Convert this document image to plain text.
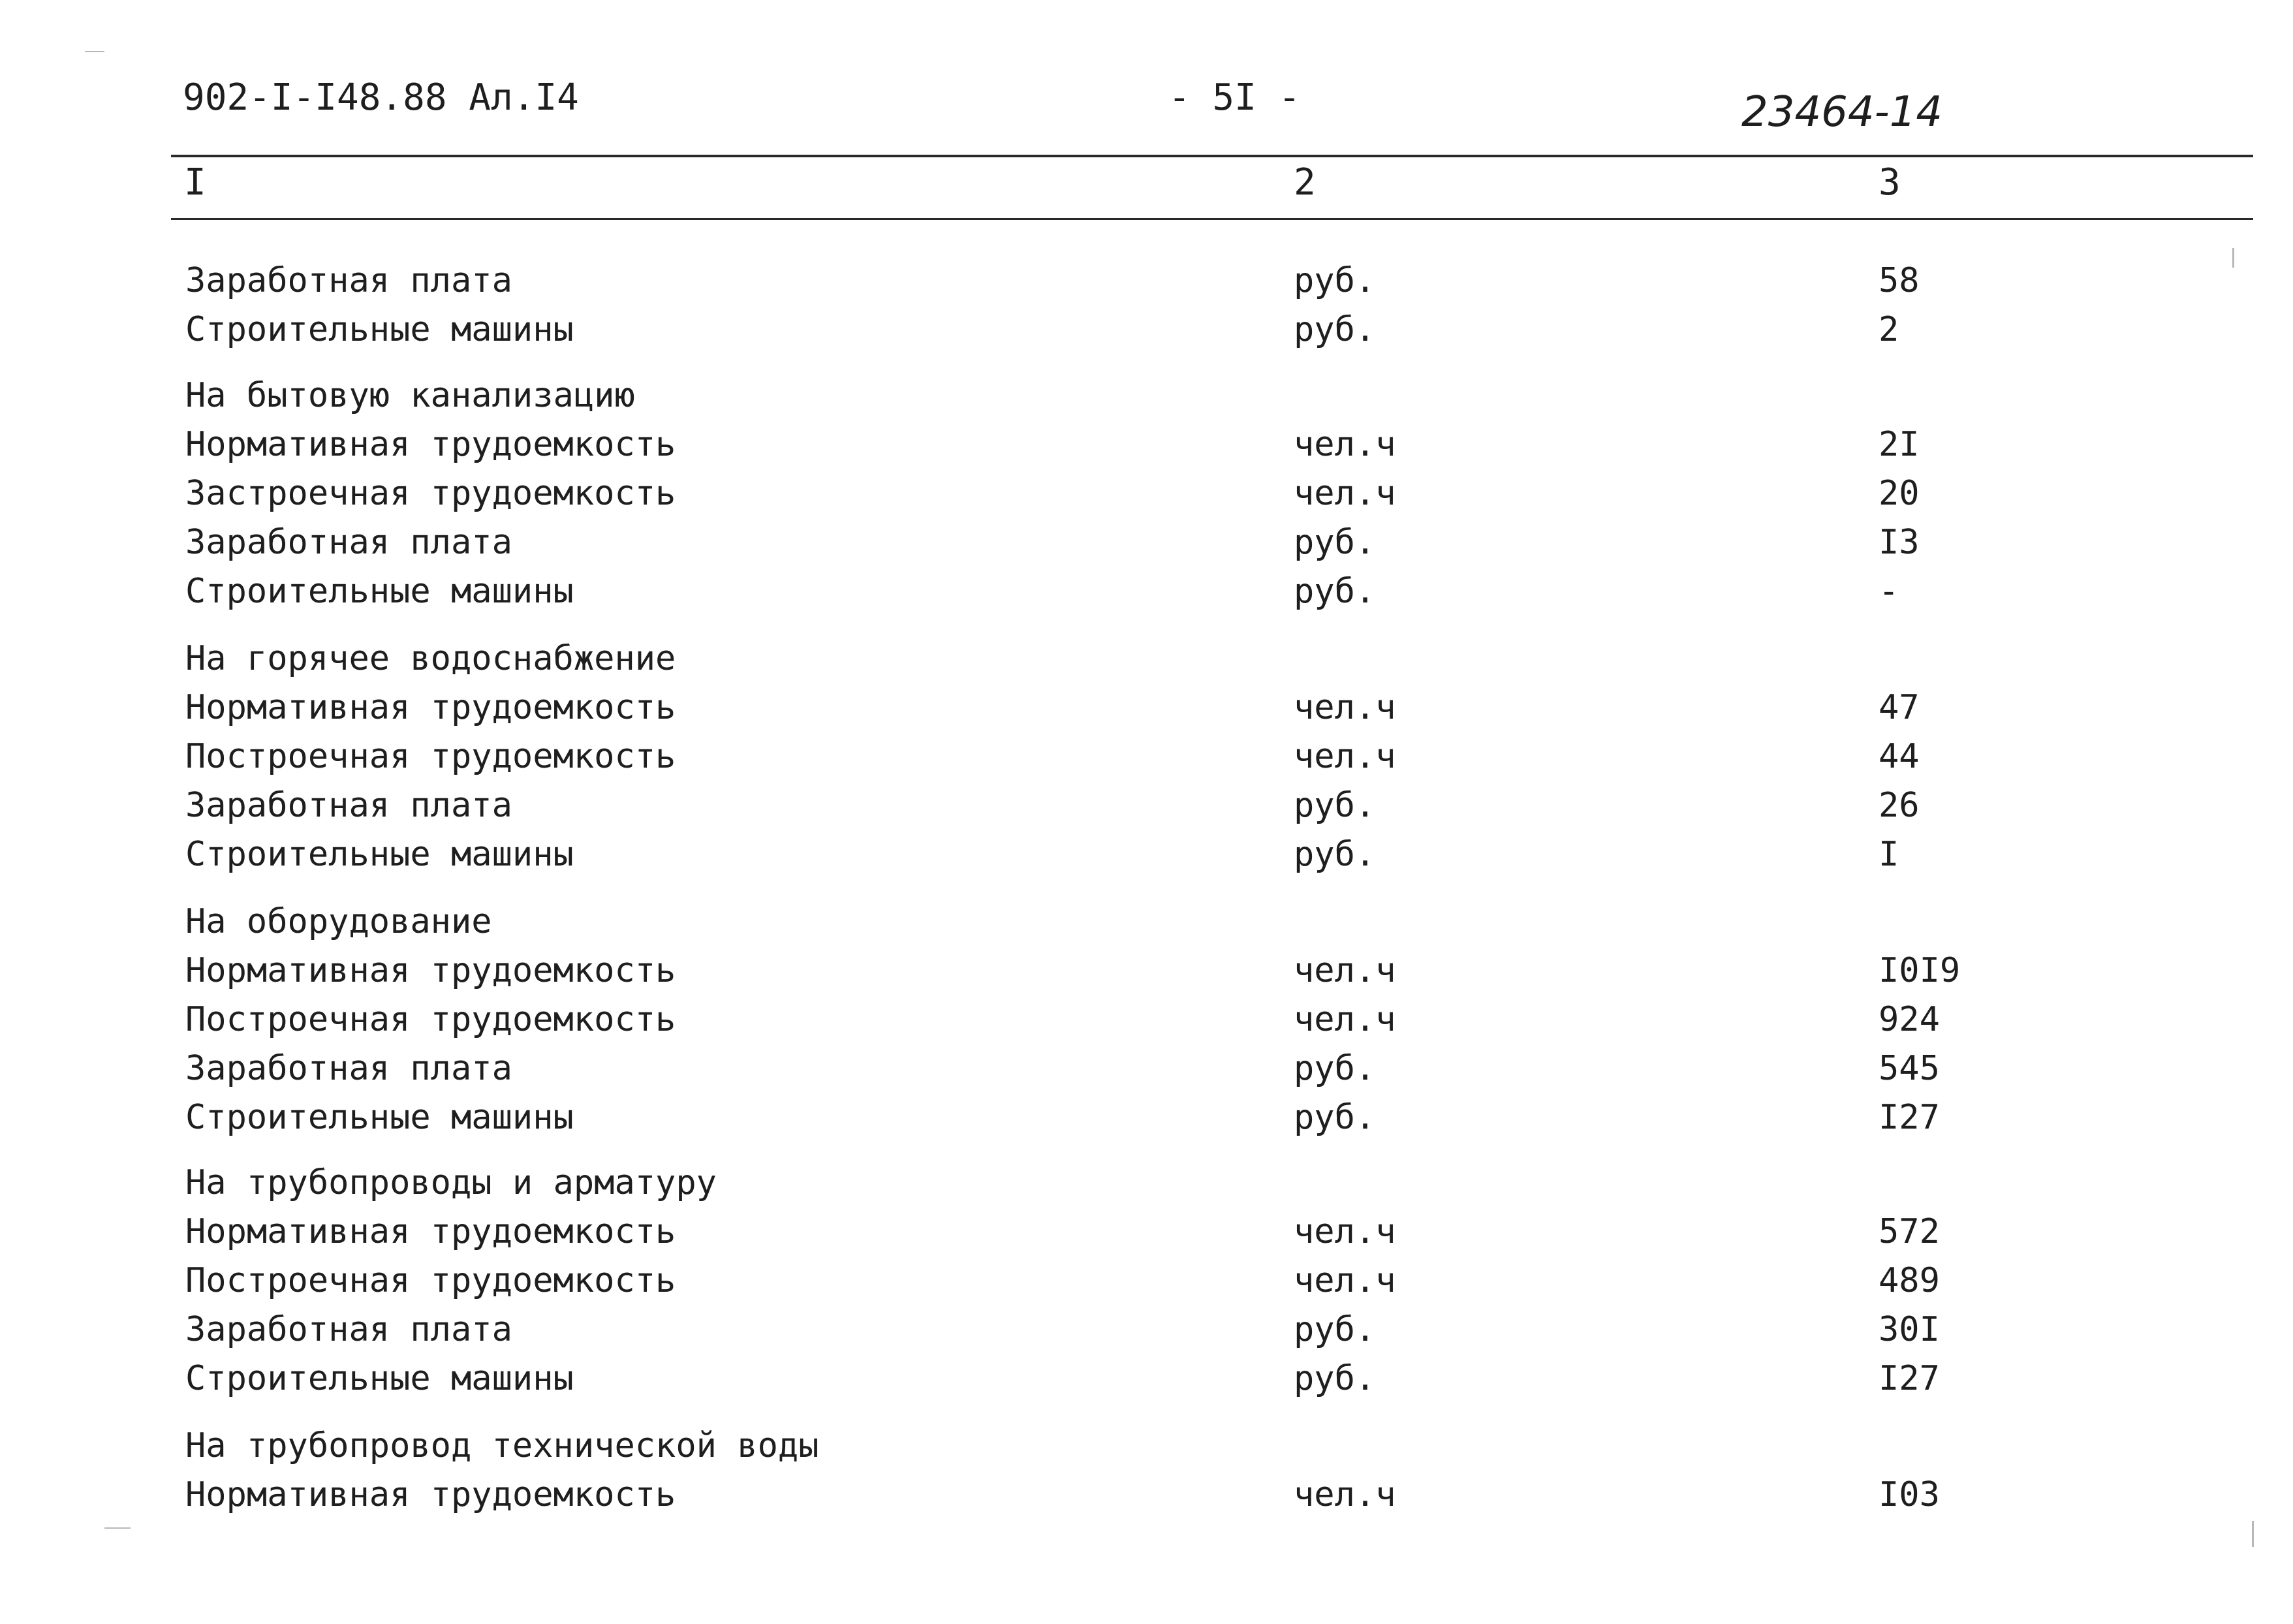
902-I-I48.88 Ал.I4	- 5I -	23464-14
I	2	3
Заработная плата	руб.	58
Строительные машины	руб.	2
На бытовую канализацию
Нормативная трудоемкость	чел.ч	2I
Застроечная трудоемкость	чел.ч	20
Заработная плата	руб.	I3
Строительные машины	руб.	-
На горячее водоснабжение
Нормативная трудоемкость	чел.ч	47
Построечная трудоемкость	чел.ч	44
Заработная плата	руб.	26
Строительные машины	руб.	I
На оборудование
Нормативная трудоемкость	чел.ч	I0I9
Построечная трудоемкость	чел.ч	924
Заработная плата	руб.	545
Строительные машины	руб.	I27
На трубопроводы и арматуру
Нормативная трудоемкость	чел.ч	572
Построечная трудоемкость	чел.ч	489
Заработная плата	руб.	30I
Строительные машины	руб.	I27
На трубопровод технической воды
Нормативная трудоемкость	чел.ч	I03
